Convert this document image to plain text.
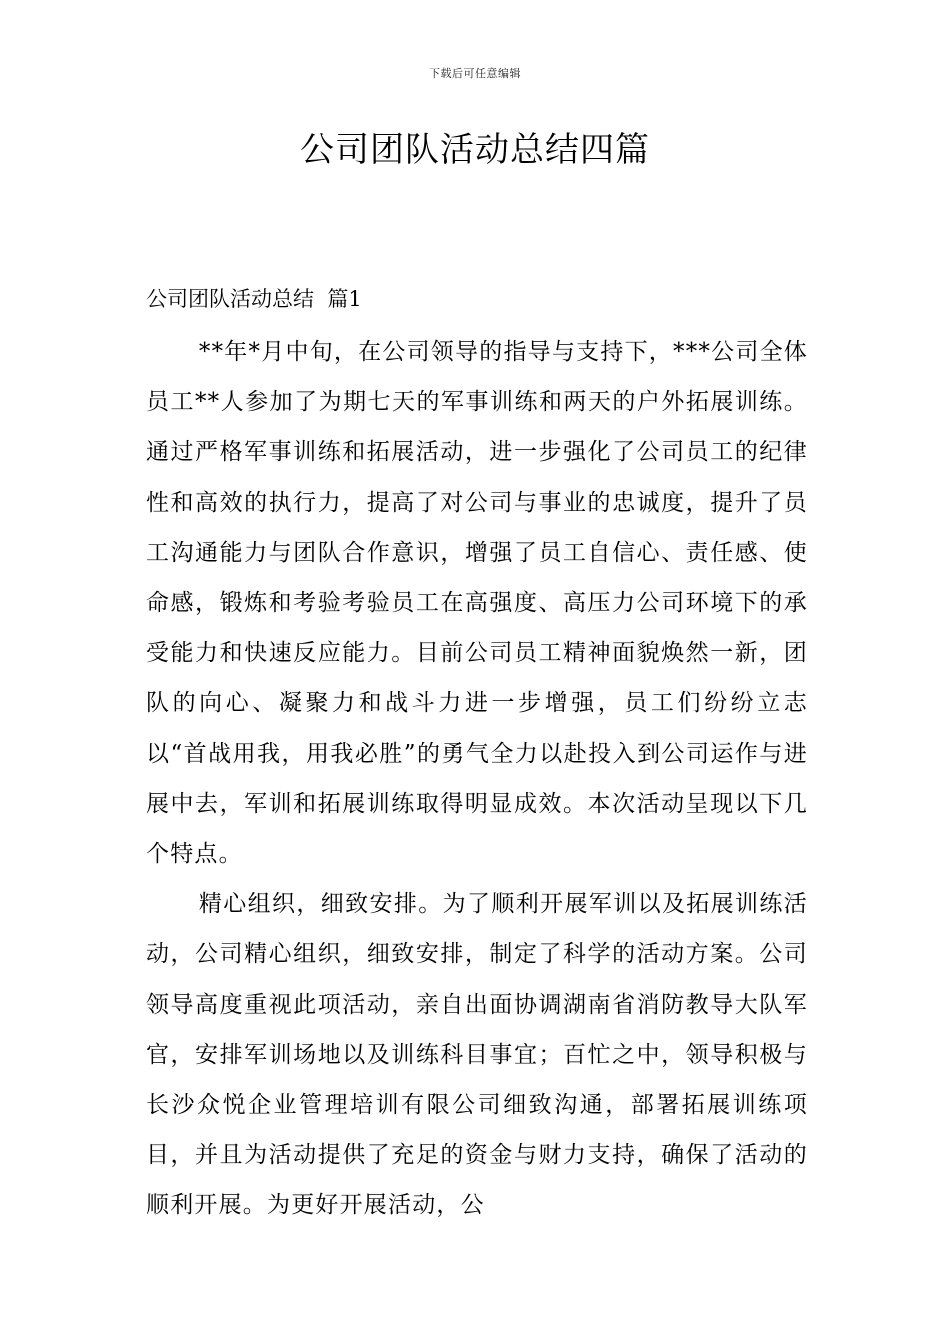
下载后可任意编辑
公司团队活动总结四篇
公司团队活动总结  篇1

**年*月中旬，在公司领导的指导与支持下，***公司全体员工**人参加了为期七天的军事训练和两天的户外拓展训练。通过严格军事训练和拓展活动，进一步强化了公司员工的纪律性和高效的执行力，提高了对公司与事业的忠诚度，提升了员工沟通能力与团队合作意识，增强了员工自信心、责任感、使命感，锻炼和考验考验员工在高强度、高压力公司环境下的承受能力和快速反应能力。目前公司员工精神面貌焕然一新，团队的向心、凝聚力和战斗力进一步增强，员工们纷纷立志以“首战用我，用我必胜”的勇气全力以赴投入到公司运作与进展中去，军训和拓展训练取得明显成效。本次活动呈现以下几个特点。

精心组织，细致安排。为了顺利开展军训以及拓展训练活动，公司精心组织，细致安排，制定了科学的活动方案。公司领导高度重视此项活动，亲自出面协调湖南省消防教导大队军官，安排军训场地以及训练科目事宜；百忙之中，领导积极与长沙众悦企业管理培训有限公司细致沟通，部署拓展训练项目，并且为活动提供了充足的资金与财力支持，确保了活动的顺利开展。为更好开展活动，公
